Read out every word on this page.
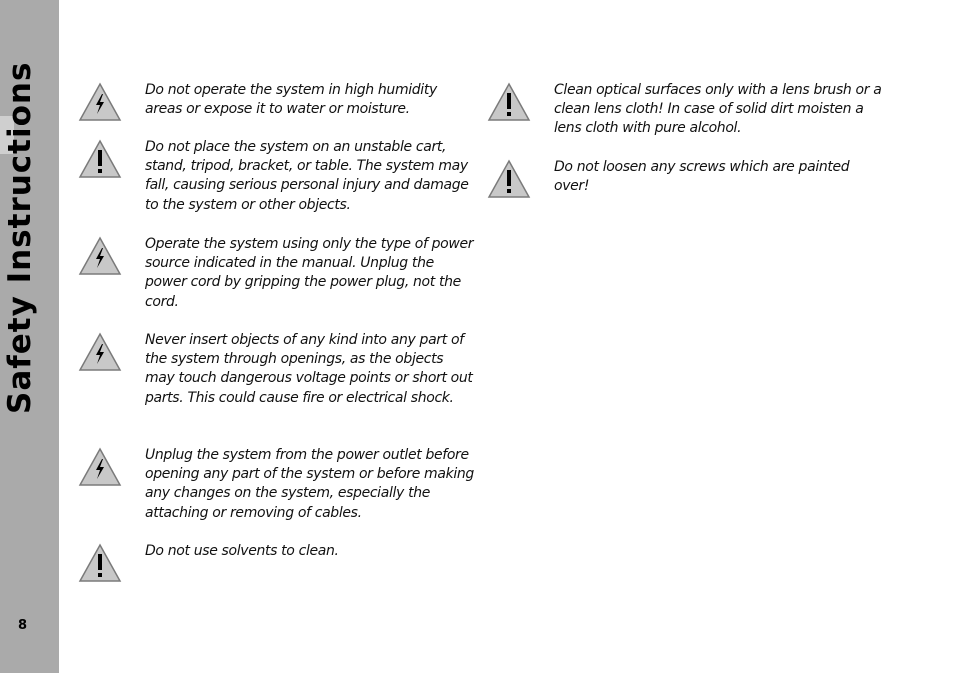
Safety Instructions
8
Do not operate the system in high humidity areas or expose it to water or moisture.
Do not place the system on an unstable cart, stand, tripod, bracket, or table. The system may fall, causing serious personal injury and damage to the system or other objects.
Operate the system using only the type of power source indicated in the manual. Unplug the power cord by gripping the power plug, not the cord.
Never insert objects of any kind into any part of the system through openings, as the objects may touch dangerous voltage points or short out parts. This could cause fire or electrical shock.
Unplug the system from the power outlet before opening any part of the system or before making any changes on the system, especially the attaching or removing of cables.
Do not use solvents to clean.
Clean optical surfaces only with a lens brush or a clean lens cloth! In case of solid dirt moisten a lens cloth with pure alcohol.
Do not loosen any screws which are painted over!
